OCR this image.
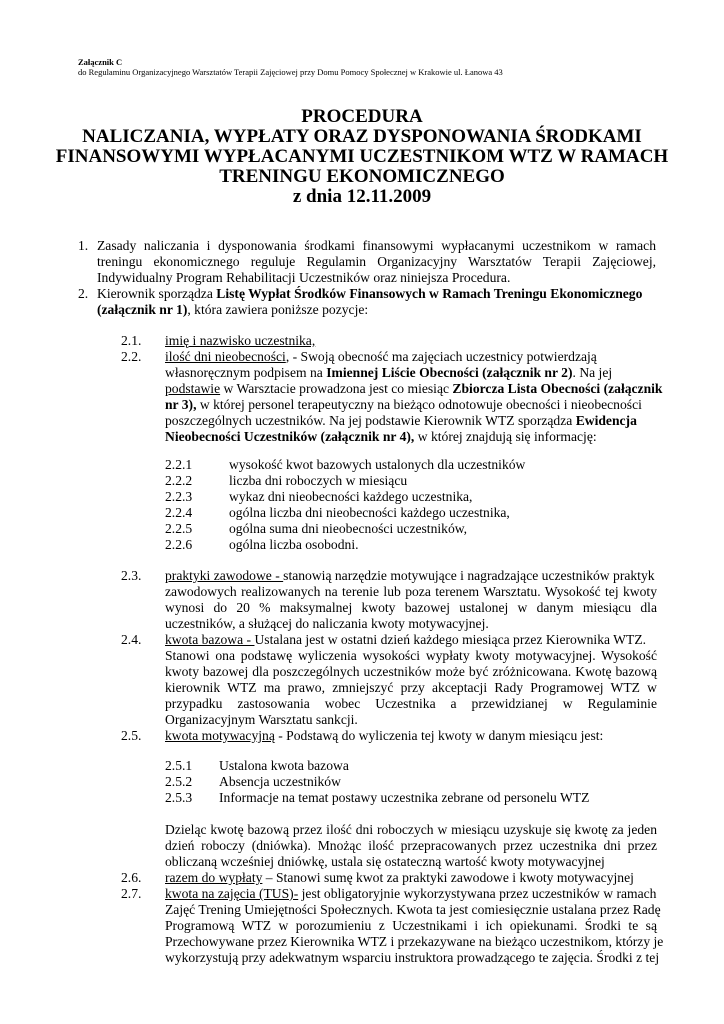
Załącznik C
do Regulaminu Organizacyjnego Warsztatów Terapii Zajęciowej przy Domu Pomocy Społecznej w Krakowie ul. Łanowa 43
PROCEDURA
NALICZANIA, WYPŁATY ORAZ DYSPONOWANIA ŚRODKAMI
FINANSOWYMI WYPŁACANYMI UCZESTNIKOM WTZ W RAMACH
TRENINGU EKONOMICZNEGO
z dnia 12.11.2009
1. Zasady naliczania i dysponowania środkami finansowymi wypłacanymi uczestnikom w ramach
treningu ekonomicznego reguluje Regulamin Organizacyjny Warsztatów Terapii Zajęciowej,
Indywidualny Program Rehabilitacji Uczestników oraz niniejsza Procedura.
2. Kierownik sporządza Listę Wypłat Środków Finansowych w Ramach Treningu Ekonomicznego
(załącznik nr 1), która zawiera poniższe pozycje:
2.1. imię i nazwisko uczestnika,
2.2. ilość dni nieobecności, - Swoją obecność ma zajęciach uczestnicy potwierdzają
własnoręcznym podpisem na Imiennej Liście Obecności (załącznik nr 2). Na jej
podstawie w Warsztacie prowadzona jest co miesiąc Zbiorcza Lista Obecności (załącznik
nr 3), w której personel terapeutyczny na bieżąco odnotowuje obecności i nieobecności
poszczególnych uczestników. Na jej podstawie Kierownik WTZ sporządza Ewidencja
Nieobecności Uczestników (załącznik nr 4), w której znajdują się informację:
2.2.1	wysokość kwot bazowych ustalonych dla uczestników
2.2.2	liczba dni roboczych w miesiącu
2.2.3	wykaz dni nieobecności każdego uczestnika,
2.2.4	ogólna liczba dni nieobecności każdego uczestnika,
2.2.5	ogólna suma dni nieobecności uczestników,
2.2.6	ogólna liczba osobodni.
2.3. praktyki zawodowe - stanowią narzędzie motywujące i nagradzające uczestników praktyk
zawodowych realizowanych na terenie lub poza terenem Warsztatu. Wysokość tej kwoty
wynosi do 20 % maksymalnej kwoty bazowej ustalonej w danym miesiącu dla
uczestników, a służącej do naliczania kwoty motywacyjnej.
2.4. kwota bazowa - Ustalana jest w ostatni dzień każdego miesiąca przez Kierownika WTZ.
Stanowi ona podstawę wyliczenia wysokości wypłaty kwoty motywacyjnej. Wysokość
kwoty bazowej dla poszczególnych uczestników może być zróżnicowana. Kwotę bazową
kierownik WTZ ma prawo, zmniejszyć przy akceptacji Rady Programowej WTZ w
przypadku zastosowania wobec Uczestnika a przewidzianej w Regulaminie
Organizacyjnym Warsztatu sankcji.
2.5. kwota motywacyjną - Podstawą do wyliczenia tej kwoty w danym miesiącu jest:
2.5.1 Ustalona kwota bazowa
2.5.2 Absencja uczestników
2.5.3 Informacje na temat postawy uczestnika zebrane od personelu WTZ
Dzieląc kwotę bazową przez ilość dni roboczych w miesiącu uzyskuje się kwotę za jeden
dzień roboczy (dniówka). Mnożąc ilość przepracowanych przez uczestnika dni przez
obliczaną wcześniej dniówkę, ustala się ostateczną wartość kwoty motywacyjnej
2.6. razem do wypłaty – Stanowi sumę kwot za praktyki zawodowe i kwoty motywacyjnej
2.7. kwota na zajęcia (TUS)- jest obligatoryjnie wykorzystywana przez uczestników w ramach
Zajęć Trening Umiejętności Społecznych. Kwota ta jest comiesięcznie ustalana przez Radę
Programową WTZ w porozumieniu z Uczestnikami i ich opiekunami. Środki te są
Przechowywane przez Kierownika WTZ i przekazywane na bieżąco uczestnikom, którzy je
wykorzystują przy adekwatnym wsparciu instruktora prowadzącego te zajęcia. Środki z tej
